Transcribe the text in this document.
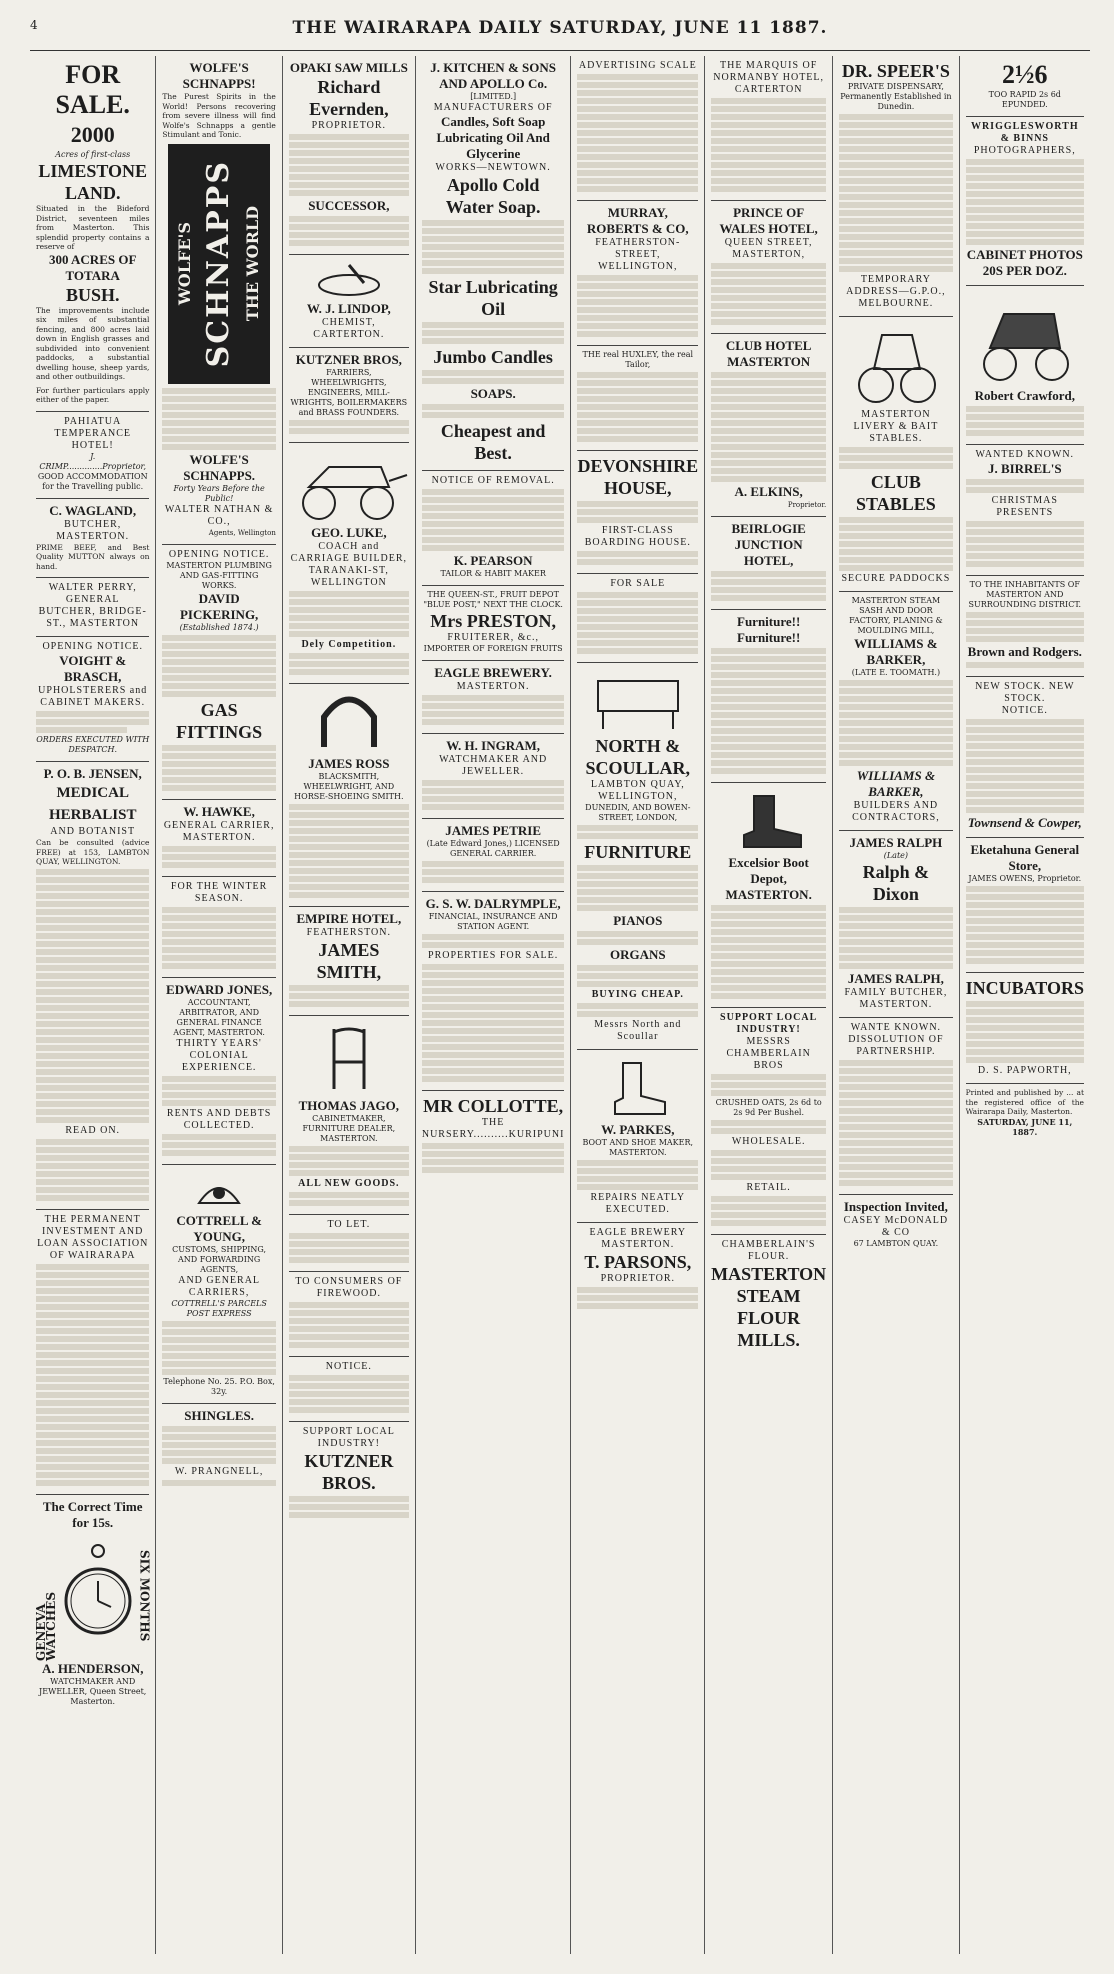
4	THE WAIRARAPA DAILY SATURDAY, JUNE 11 1887.
FOR SALE.
2000
Acres of first-class
LIMESTONE LAND.
Situated in the Bideford District, seventeen miles from Masterton. This splendid property contains a reserve of
300 ACRES OF TOTARA
BUSH.
The improvements include six miles of substantial fencing, and 800 acres laid down in English grasses and subdivided into convenient paddocks, a substantial dwelling house, sheep yards, and other outbuildings.
For further particulars apply either of the paper.
PAHIATUA TEMPERANCE HOTEL!
J. CRIMP..............Proprietor,
GOOD ACCOMMODATION for the Travelling public.
C. WAGLAND,
BUTCHER, MASTERTON.
PRIME BEEF, and Best Quality MUTTON always on hand.
WALTER PERRY, GENERAL BUTCHER, BRIDGE-ST., MASTERTON
OPENING NOTICE.
VOIGHT & BRASCH,
UPHOLSTERERS and CABINET MAKERS.
ORDERS EXECUTED WITH DESPATCH.
P. O. B. JENSEN,
MEDICAL HERBALIST
AND BOTANIST
Can be consulted (advice FREE) at 153, LAMBTON QUAY, WELLINGTON.
READ ON.
THE PERMANENT INVESTMENT AND LOAN ASSOCIATION OF WAIRARAPA
The Correct Time for 15s.
GENEVA WATCHES	SIX MONTHS
A. HENDERSON,
WATCHMAKER AND JEWELLER, Queen Street, Masterton.
WOLFE'S SCHNAPPS!
The Purest Spirits in the World! Persons recovering from severe illness will find Wolfe's Schnapps a gentle Stimulant and Tonic.
WOLFE'S SCHNAPPS THE WORLD
WOLFE'S SCHNAPPS.
Forty Years Before the Public!
WALTER NATHAN & CO.,
Agents, Wellington
OPENING NOTICE.
MASTERTON PLUMBING AND GAS-FITTING WORKS.
DAVID PICKERING,
(Established 1874.)
GAS FITTINGS
W. HAWKE,
GENERAL CARRIER, MASTERTON.
FOR THE WINTER SEASON.
EDWARD JONES,
ACCOUNTANT, ARBITRATOR, AND GENERAL FINANCE AGENT, MASTERTON.
THIRTY YEARS' COLONIAL EXPERIENCE.
RENTS AND DEBTS COLLECTED.
COTTRELL & YOUNG,
CUSTOMS, SHIPPING, AND FORWARDING AGENTS,
AND GENERAL CARRIERS,
COTTRELL'S PARCELS POST EXPRESS
Telephone No. 25. P.O. Box, 32y.
SHINGLES.
W. PRANGNELL,
OPAKI SAW MILLS
Richard Evernden,
PROPRIETOR.
SUCCESSOR,
W. J. LINDOP,
CHEMIST, CARTERTON.
KUTZNER BROS,
FARRIERS, WHEELWRIGHTS, ENGINEERS, MILL-WRIGHTS, BOILERMAKERS and BRASS FOUNDERS.
GEO. LUKE,
COACH and CARRIAGE BUILDER, TARANAKI-ST, WELLINGTON
Dely Competition.
JAMES ROSS
BLACKSMITH, WHEELWRIGHT, AND HORSE-SHOEING SMITH.
EMPIRE HOTEL,
FEATHERSTON.
JAMES SMITH,
THOMAS JAGO,
CABINETMAKER, FURNITURE DEALER, MASTERTON.
ALL NEW GOODS.
TO LET.
TO CONSUMERS OF FIREWOOD.
NOTICE.
SUPPORT LOCAL INDUSTRY!
KUTZNER BROS.
J. KITCHEN & SONS
AND APOLLO Co.
[LIMITED.]
MANUFACTURERS OF
Candles, Soft Soap Lubricating Oil And Glycerine
WORKS—NEWTOWN.
Apollo Cold Water Soap.
Star Lubricating Oil
Jumbo Candles
SOAPS.
Cheapest and Best.
NOTICE OF REMOVAL.
K. PEARSON
TAILOR & HABIT MAKER
THE QUEEN-ST., FRUIT DEPOT "BLUE POST," NEXT THE CLOCK.
Mrs PRESTON,
FRUITERER, &c.,
IMPORTER OF FOREIGN FRUITS
EAGLE BREWERY.
MASTERTON.
W. H. INGRAM,
WATCHMAKER AND JEWELLER.
JAMES PETRIE
(Late Edward Jones,) LICENSED GENERAL CARRIER.
G. S. W. DALRYMPLE,
FINANCIAL, INSURANCE AND STATION AGENT.
PROPERTIES FOR SALE.
MR COLLOTTE,
THE NURSERY..........KURIPUNI
ADVERTISING SCALE
MURRAY, ROBERTS & CO,
FEATHERSTON-STREET, WELLINGTON,
THE real HUXLEY, the real Tailor,
DEVONSHIRE HOUSE,
FIRST-CLASS BOARDING HOUSE.
FOR SALE
NORTH & SCOULLAR,
LAMBTON QUAY, WELLINGTON,
DUNEDIN, AND BOWEN-STREET, LONDON,
FURNITURE
PIANOS
ORGANS
BUYING CHEAP.
Messrs North and Scoullar
W. PARKES,
BOOT AND SHOE MAKER, MASTERTON.
REPAIRS NEATLY EXECUTED.
EAGLE BREWERY MASTERTON.
T. PARSONS,
PROPRIETOR.
THE MARQUIS OF NORMANBY HOTEL, CARTERTON
PRINCE OF WALES HOTEL,
QUEEN STREET, MASTERTON,
CLUB HOTEL MASTERTON
A. ELKINS,
Proprietor.
BEIRLOGIE JUNCTION HOTEL,
Furniture!! Furniture!!
Excelsior Boot Depot, MASTERTON.
SUPPORT LOCAL INDUSTRY!
MESSRS CHAMBERLAIN BROS
CRUSHED OATS, 2s 6d to 2s 9d Per Bushel.
WHOLESALE.
RETAIL.
CHAMBERLAIN'S FLOUR.
MASTERTON STEAM FLOUR MILLS.
DR. SPEER'S
PRIVATE DISPENSARY, Permanently Established in Dunedin.
TEMPORARY ADDRESS—G.P.O., MELBOURNE.
MASTERTON LIVERY & BAIT STABLES.
CLUB STABLES
SECURE PADDOCKS
MASTERTON STEAM SASH AND DOOR FACTORY, PLANING & MOULDING MILL,
WILLIAMS & BARKER,
(LATE E. TOOMATH.)
WILLIAMS & BARKER,
BUILDERS AND CONTRACTORS,
JAMES RALPH
(Late)
Ralph & Dixon
JAMES RALPH,
FAMILY BUTCHER,
MASTERTON.
WANTE KNOWN.
DISSOLUTION OF PARTNERSHIP.
Inspection Invited,
CASEY McDONALD & CO
67 LAMBTON QUAY.
2½6
TOO RAPID 2s 6d EPUNDED.
WRIGGLESWORTH & BINNS
PHOTOGRAPHERS,
CABINET PHOTOS 20S PER DOZ.
Robert Crawford,
WANTED KNOWN.
J. BIRREL'S
CHRISTMAS PRESENTS
TO THE INHABITANTS OF MASTERTON AND SURROUNDING DISTRICT.
Brown and Rodgers.
NEW STOCK. NEW STOCK.
NOTICE.
Townsend & Cowper,
Eketahuna General Store,
JAMES OWENS, Proprietor.
INCUBATORS
D. S. PAPWORTH,
Printed and published by ... at the registered office of the Wairarapa Daily, Masterton.
SATURDAY, JUNE 11, 1887.
